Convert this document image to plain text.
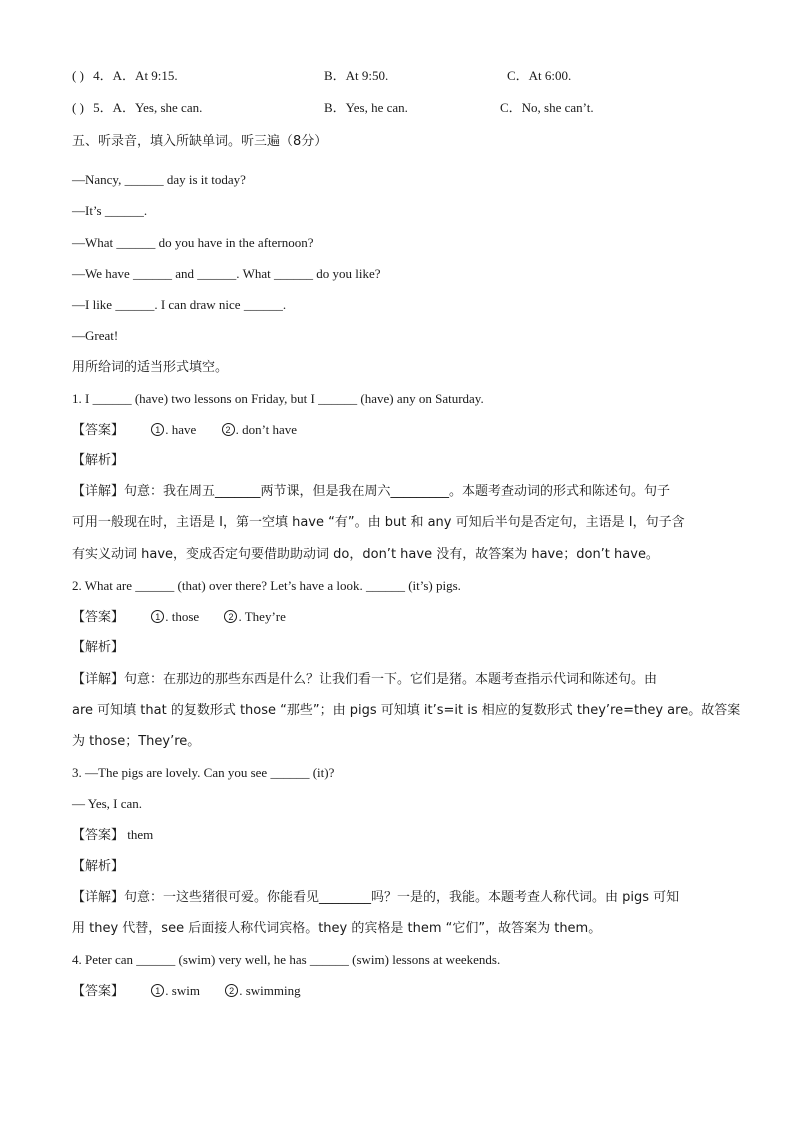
( ) 4．A．At 9:15.	B．At 9:50.	C．At 6:00.
( ) 5．A．Yes, she can.	B．Yes, he can.	C．No, she can’t.
五、听录音，填入所缺单词。听三遍（8分）
—Nancy, ______ day is it today?
—It’s ______.
—What ______ do you have in the afternoon?
—We have ______ and ______. What ______ do you like?
—I like ______. I can draw nice ______.
—Great!
用所给词的适当形式填空。
1. I ______ (have) two lessons on Friday, but I ______ (have) any on Saturday.
【答案】	1 . have	2 . don’t have
【解析】
【详解】句意：我在周五_______两节课，但是我在周六_________。本题考查动词的形式和陈述句。句子
可用一般现在时，主语是 I，第一空填 have “有”。由 but 和 any 可知后半句是否定句，主语是 I，句子含
有实义动词 have，变成否定句要借助助动词 do，don’t have 没有，故答案为 have；don’t have。
2. What are ______ (that) over there? Let’s have a look. ______ (it’s) pigs.
【答案】	1 . those	2 . They’re
【解析】
【详解】句意：在那边的那些东西是什么？让我们看一下。它们是猪。本题考查指示代词和陈述句。由
are 可知填 that 的复数形式 those “那些”；由 pigs 可知填 it’s=it is 相应的复数形式 they’re=they are。故答案
为 those；They’re。
3. —The pigs are lovely. Can you see ______ (it)?
— Yes, I can.
【答案】 them
【解析】
【详解】句意：一这些猪很可爱。你能看见________吗？一是的，我能。本题考查人称代词。由 pigs 可知
用 they 代替，see 后面接人称代词宾格。they 的宾格是 them “它们”，故答案为 them。
4. Peter can ______ (swim) very well, he has ______ (swim) lessons at weekends.
【答案】	1 . swim	2 . swimming
